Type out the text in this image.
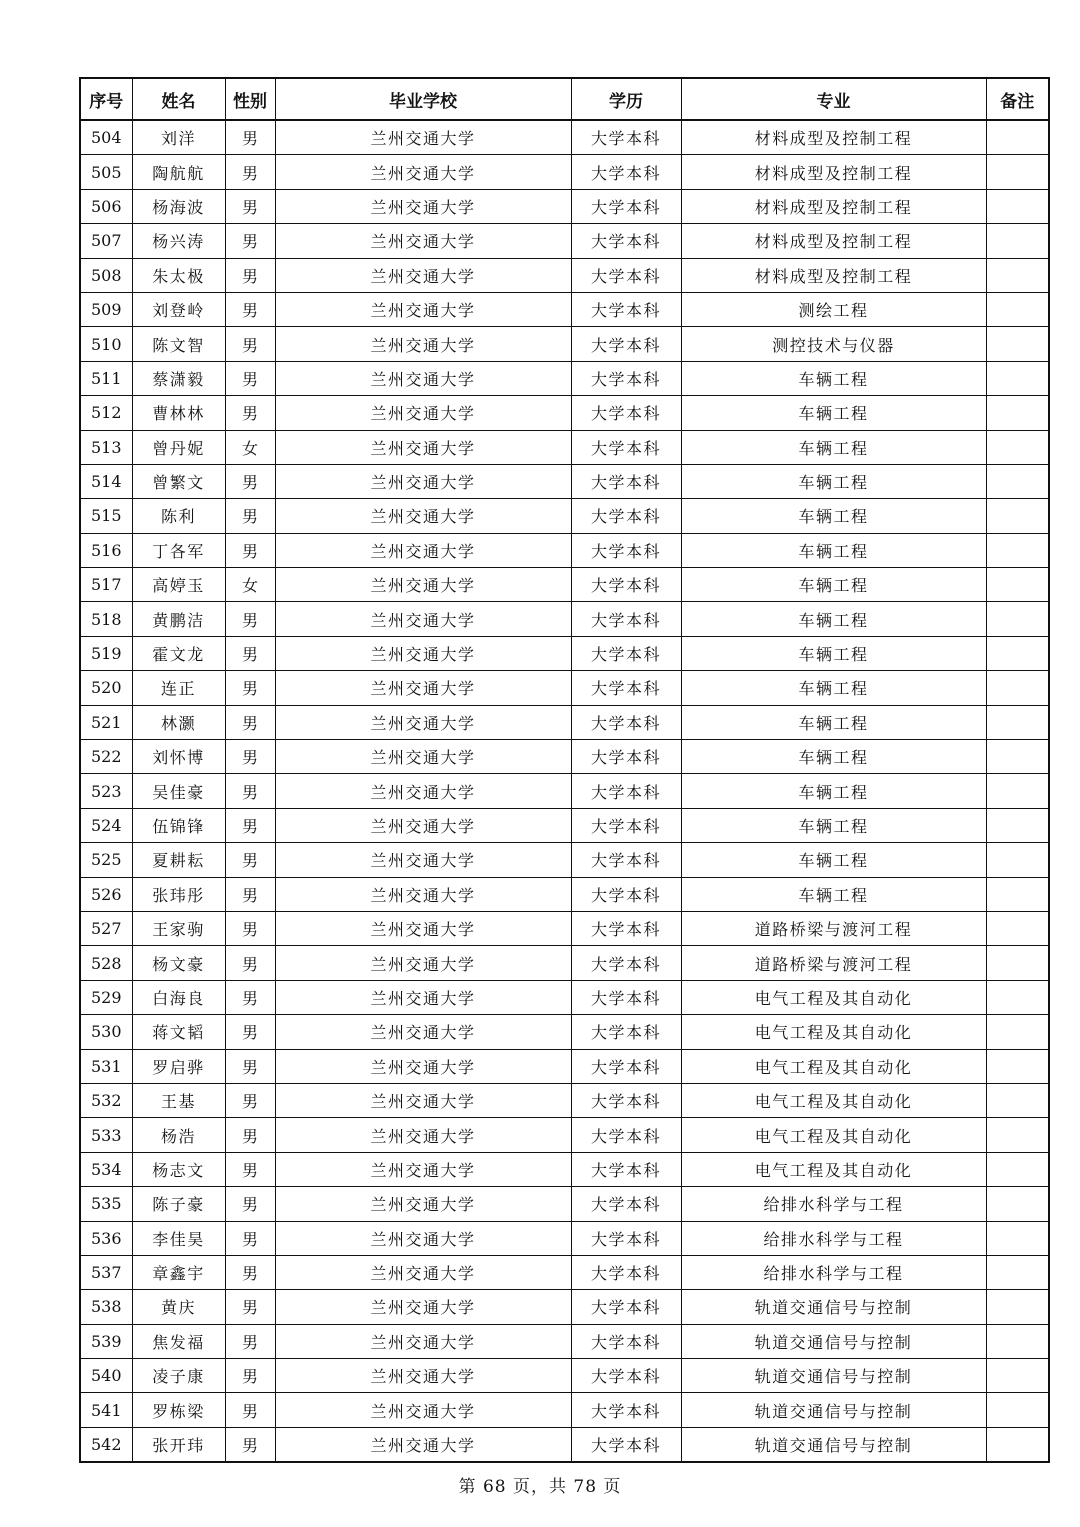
序号	姓名	性别	毕业学校	学历	专业	备注
504	刘洋	男	兰州交通大学	大学本科	材料成型及控制工程	
505	陶航航	男	兰州交通大学	大学本科	材料成型及控制工程	
506	杨海波	男	兰州交通大学	大学本科	材料成型及控制工程	
507	杨兴涛	男	兰州交通大学	大学本科	材料成型及控制工程	
508	朱太极	男	兰州交通大学	大学本科	材料成型及控制工程	
509	刘登岭	男	兰州交通大学	大学本科	测绘工程	
510	陈文智	男	兰州交通大学	大学本科	测控技术与仪器	
511	蔡潇毅	男	兰州交通大学	大学本科	车辆工程	
512	曹林林	男	兰州交通大学	大学本科	车辆工程	
513	曾丹妮	女	兰州交通大学	大学本科	车辆工程	
514	曾繁文	男	兰州交通大学	大学本科	车辆工程	
515	陈利	男	兰州交通大学	大学本科	车辆工程	
516	丁各军	男	兰州交通大学	大学本科	车辆工程	
517	高婷玉	女	兰州交通大学	大学本科	车辆工程	
518	黄鹏洁	男	兰州交通大学	大学本科	车辆工程	
519	霍文龙	男	兰州交通大学	大学本科	车辆工程	
520	连正	男	兰州交通大学	大学本科	车辆工程	
521	林灏	男	兰州交通大学	大学本科	车辆工程	
522	刘怀博	男	兰州交通大学	大学本科	车辆工程	
523	吴佳豪	男	兰州交通大学	大学本科	车辆工程	
524	伍锦锋	男	兰州交通大学	大学本科	车辆工程	
525	夏耕耘	男	兰州交通大学	大学本科	车辆工程	
526	张玮彤	男	兰州交通大学	大学本科	车辆工程	
527	王家驹	男	兰州交通大学	大学本科	道路桥梁与渡河工程	
528	杨文豪	男	兰州交通大学	大学本科	道路桥梁与渡河工程	
529	白海良	男	兰州交通大学	大学本科	电气工程及其自动化	
530	蒋文韬	男	兰州交通大学	大学本科	电气工程及其自动化	
531	罗启骅	男	兰州交通大学	大学本科	电气工程及其自动化	
532	王基	男	兰州交通大学	大学本科	电气工程及其自动化	
533	杨浩	男	兰州交通大学	大学本科	电气工程及其自动化	
534	杨志文	男	兰州交通大学	大学本科	电气工程及其自动化	
535	陈子豪	男	兰州交通大学	大学本科	给排水科学与工程	
536	李佳昊	男	兰州交通大学	大学本科	给排水科学与工程	
537	章鑫宇	男	兰州交通大学	大学本科	给排水科学与工程	
538	黄庆	男	兰州交通大学	大学本科	轨道交通信号与控制	
539	焦发福	男	兰州交通大学	大学本科	轨道交通信号与控制	
540	凌子康	男	兰州交通大学	大学本科	轨道交通信号与控制	
541	罗栋梁	男	兰州交通大学	大学本科	轨道交通信号与控制	
542	张开玮	男	兰州交通大学	大学本科	轨道交通信号与控制	
第 68 页，共 78 页
